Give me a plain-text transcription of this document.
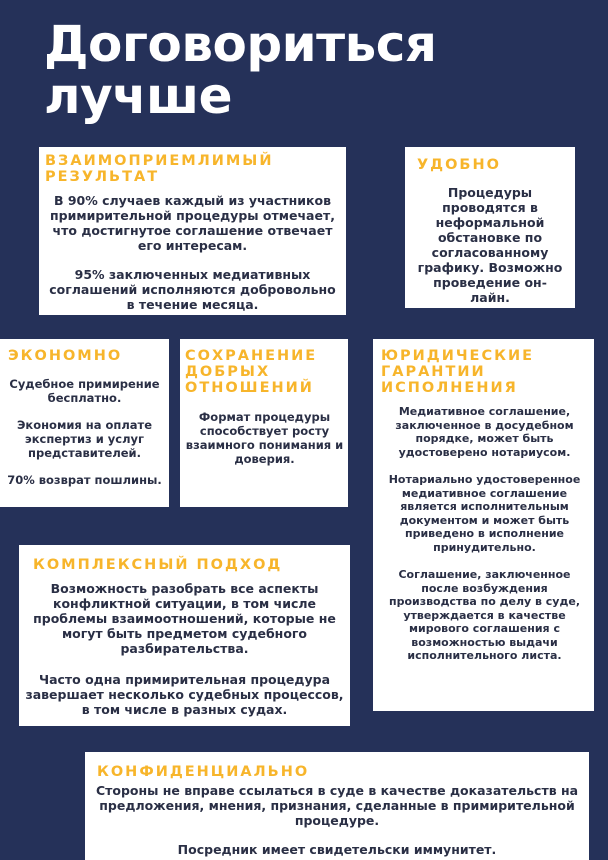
Договориться
лучше
ВЗАИМОПРИЕМЛИМЫЙ
РЕЗУЛЬТАТ

В 90% случаев каждый из участников примирительной процедуры отмечает, что достигнутое соглашение отвечает его интересам.

95% заключенных медиативных соглашений исполняются добровольно в течение месяца.

УДОБНО

Процедуры проводятся в неформальной обстановке по согласованному графику. Возможно проведение он-лайн.

ЭКОНОМНО

Судебное примирение бесплатно.

Экономия на оплате экспертиз и услуг представителей.

70% возврат пошлины.

СОХРАНЕНИЕ
ДОБРЫХ
ОТНОШЕНИЙ

Формат процедуры способствует росту взаимного понимания и доверия.

ЮРИДИЧЕСКИЕ
ГАРАНТИИ
ИСПОЛНЕНИЯ

Медиативное соглашение, заключенное в досудебном порядке, может быть удостоверено нотариусом.

Нотариально удостоверенное медиативное соглашение является исполнительным документом и может быть приведено в исполнение принудительно.

Соглашение, заключенное после возбуждения производства по делу в суде, утверждается в качестве мирового соглашения с возможностью выдачи исполнительного листа.

КОМПЛЕКСНЫЙ ПОДХОД

Возможность разобрать все аспекты конфликтной ситуации, в том числе проблемы взаимоотношений, которые не могут быть предметом судебного разбирательства.

Часто одна примирительная процедура завершает несколько судебных процессов, в том числе в разных судах.

КОНФИДЕНЦИАЛЬНО

Стороны не вправе ссылаться в суде в качестве доказательств на предложения, мнения, признания, сделанные в примирительной процедуре.

Посредник имеет свидетельски иммунитет.
